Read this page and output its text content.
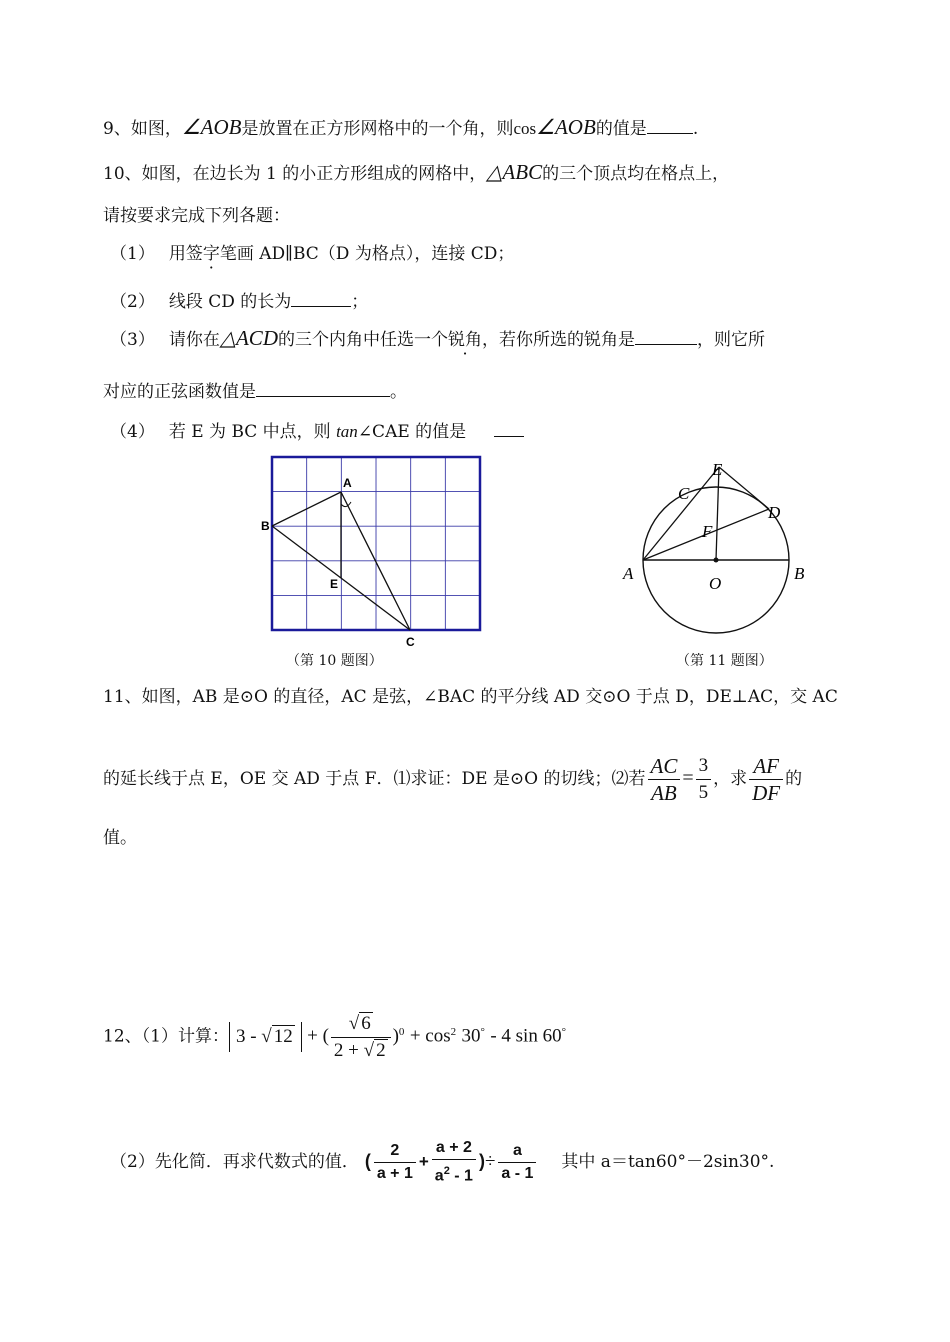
9、如图，∠AOB是放置在正方形网格中的一个角，则cos∠AOB的值是	.
10、如图，在边长为 1 的小正方形组成的网格中，△ABC的三个顶点均在格点上，
请按要求完成下列各题：
（1） 用签字笔画 AD∥BC（D 为格点），连接 CD；
（2） 线段 CD 的长为	；
（3） 请你在△ACD的三个内角中任选一个锐角，若你所选的锐角是	，则它所
对应的正弦函数值是	。
（4） 若 E 为 BC 中点，则 tan∠CAE 的值是
A
B
C
E
（第 10 题图）
A	B
C
D
E
F
O
（第 11 题图）
11、如图，AB 是⊙O 的直径，AC 是弦，∠BAC 的平分线 AD 交⊙O 于点 D，DE⊥AC，交 AC
的延长线于点 E，OE 交 AD 于点 F．⑴求证：DE 是⊙O 的切线；⑵若 $\frac{AC}{AB} = \frac{3}{5}$ ，求 $\frac{AF}{DF}$ 的
值。
12、（1）计算： 3 - √ 12 + ( $\frac{√ 6}{2 + √ 2} )^0 + \cos^2 30^\circ - 4$ sin 60°
（2）先化简．再求代数式的值． ( $\frac{2}{a + 1} + \frac{a + 2}{a^2 - 1}$ )÷ $\frac{a}{a - 1}$ 其中 a＝tan60°－2sin30°.
